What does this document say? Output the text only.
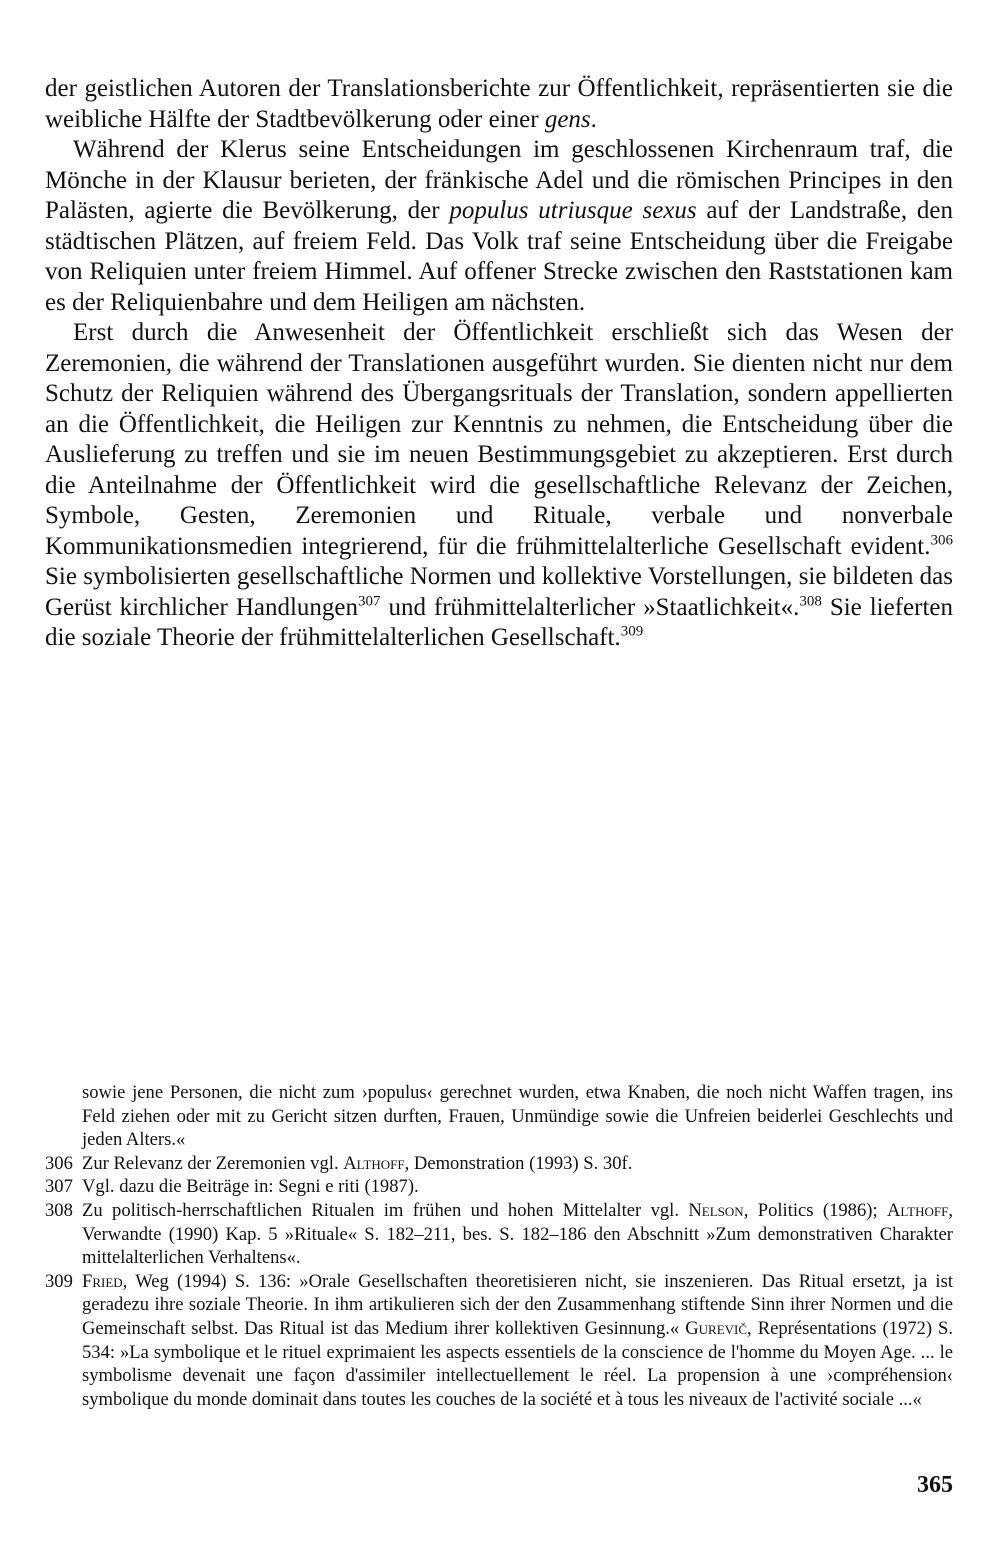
der geistlichen Autoren der Translationsberichte zur Öffentlichkeit, repräsentierten sie die weibliche Hälfte der Stadtbevölkerung oder einer gens.

Während der Klerus seine Entscheidungen im geschlossenen Kirchenraum traf, die Mönche in der Klausur berieten, der fränkische Adel und die römischen Principes in den Palästen, agierte die Bevölkerung, der populus utriusque sexus auf der Landstraße, den städtischen Plätzen, auf freiem Feld. Das Volk traf seine Entscheidung über die Freigabe von Reliquien unter freiem Himmel. Auf offener Strecke zwischen den Raststationen kam es der Reliquienbahre und dem Heiligen am nächsten.

Erst durch die Anwesenheit der Öffentlichkeit erschließt sich das Wesen der Zeremonien, die während der Translationen ausgeführt wurden. Sie dienten nicht nur dem Schutz der Reliquien während des Übergangsrituals der Translation, sondern appellierten an die Öffentlichkeit, die Heiligen zur Kenntnis zu nehmen, die Entscheidung über die Auslieferung zu treffen und sie im neuen Bestimmungsgebiet zu akzeptieren. Erst durch die Anteilnahme der Öffentlichkeit wird die gesellschaftliche Relevanz der Zeichen, Symbole, Gesten, Zeremonien und Rituale, verbale und nonverbale Kommunikationsmedien integrierend, für die frühmittelalterliche Gesellschaft evident.$^{306}$ Sie symbolisierten gesellschaftliche Normen und kollektive Vorstellungen, sie bildeten das Gerüst kirchlicher Handlungen$^{307}$ und frühmittelalterlicher »Staatlichkeit«.$^{308}$ Sie lieferten die soziale Theorie der frühmittelalterlichen Gesellschaft.$^{309}$

sowie jene Personen, die nicht zum ›populus‹ gerechnet wurden, etwa Knaben, die noch nicht Waffen tragen, ins Feld ziehen oder mit zu Gericht sitzen durften, Frauen, Unmündige sowie die Unfreien beiderlei Geschlechts und jeden Alters.«

306 Zur Relevanz der Zeremonien vgl. Althoff, Demonstration (1993) S. 30f.

307 Vgl. dazu die Beiträge in: Segni e riti (1987).

308 Zu politisch-herrschaftlichen Ritualen im frühen und hohen Mittelalter vgl. Nelson, Politics (1986); Althoff, Verwandte (1990) Kap. 5 »Rituale« S. 182–211, bes. S. 182–186 den Abschnitt »Zum demonstrativen Charakter mittelalterlichen Verhaltens«.

309 Fried, Weg (1994) S. 136: »Orale Gesellschaften theoretisieren nicht, sie inszenieren. Das Ritual ersetzt, ja ist geradezu ihre soziale Theorie. In ihm artikulieren sich der den Zusammenhang stiftende Sinn ihrer Normen und die Gemeinschaft selbst. Das Ritual ist das Medium ihrer kollektiven Gesinnung.« Gurevič, Représentations (1972) S. 534: »La symbolique et le rituel exprimaient les aspects essentiels de la conscience de l'homme du Moyen Age. ... le symbolisme devenait une façon d'assimiler intellectuellement le réel. La propension à une ›compréhension‹ symbolique du monde dominait dans toutes les couches de la société et à tous les niveaux de l'activité sociale ...«

365
